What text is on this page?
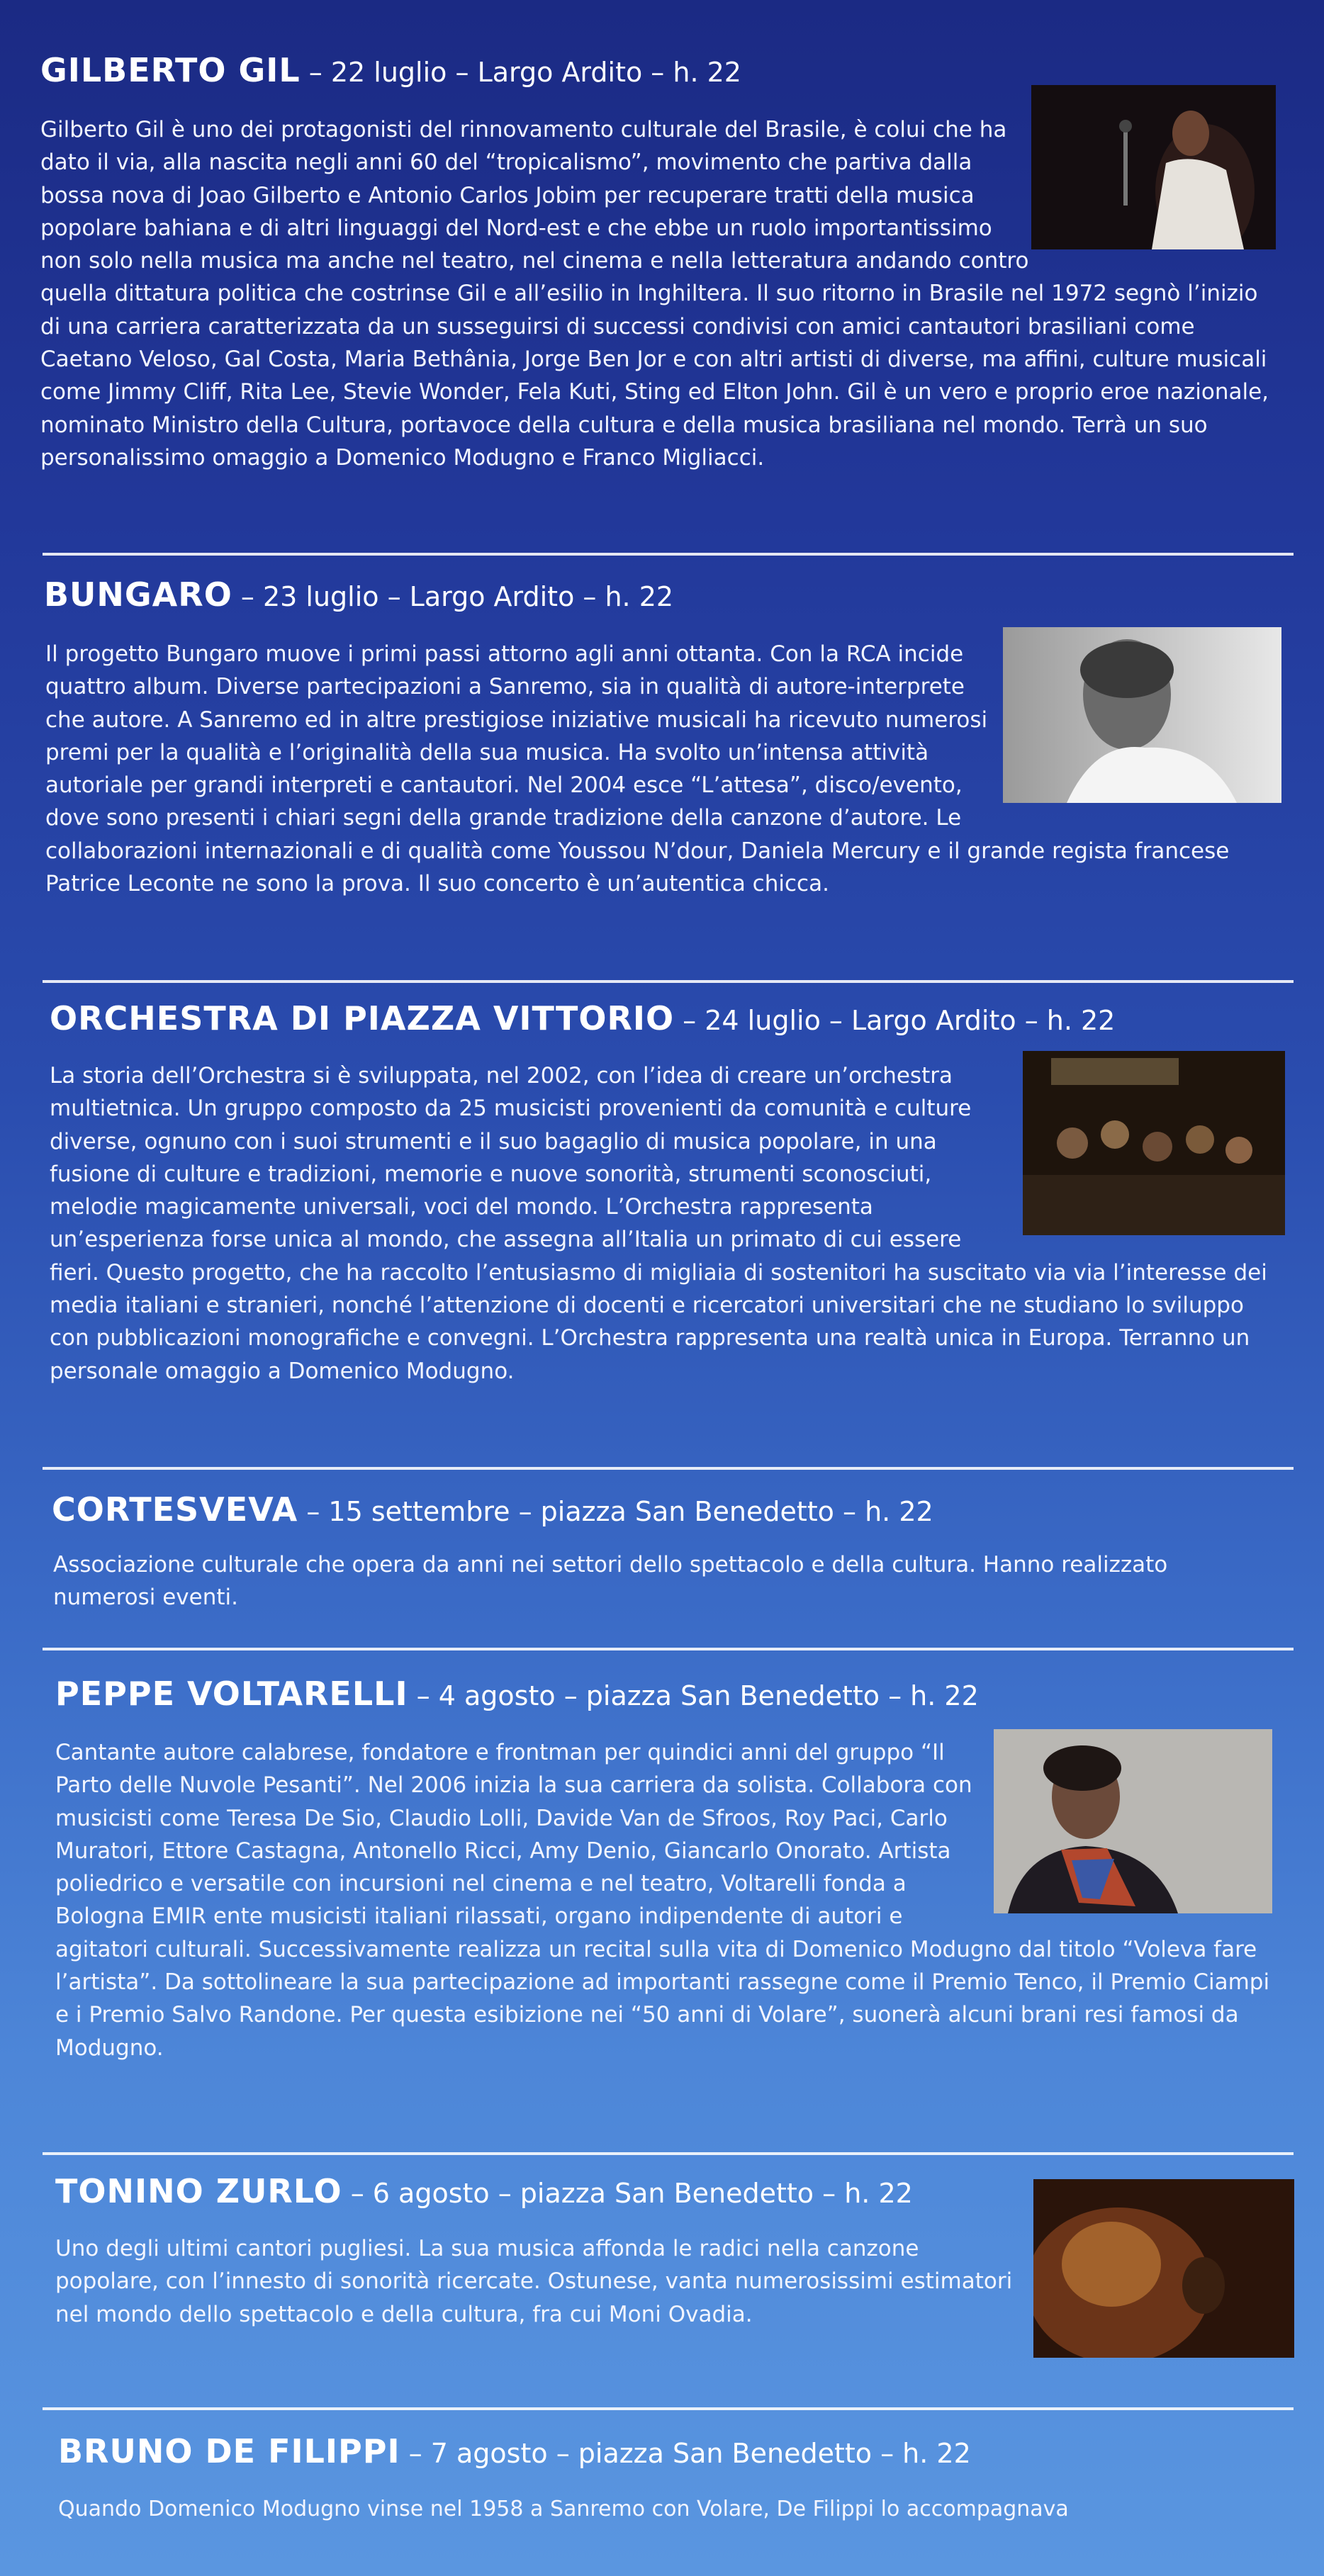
GILBERTO GIL – 22 luglio – Largo Ardito – h. 22

Gilberto Gil è uno dei protagonisti del rinnovamento culturale del Brasile, è colui che ha dato il via, alla nascita negli anni 60 del “tropicalismo”, movimento che partiva dalla bossa nova di Joao Gilberto e Antonio Carlos Jobim per recuperare tratti della musica popolare bahiana e di altri linguaggi del Nord-est e che ebbe un ruolo importantissimo non solo nella musica ma anche nel teatro, nel cinema e nella letteratura andando contro quella dittatura politica che costrinse Gil e all’esilio in Inghiltera. Il suo ritorno in Brasile nel 1972 segnò l’inizio di una carriera caratterizzata da un susseguirsi di successi condivisi con amici cantautori brasiliani come Caetano Veloso, Gal Costa, Maria Bethânia, Jorge Ben Jor e con altri artisti di diverse, ma affini, culture musicali come Jimmy Cliff, Rita Lee, Stevie Wonder, Fela Kuti, Sting ed Elton John. Gil è un vero e proprio eroe nazionale, nominato Ministro della Cultura, portavoce della cultura e della musica brasiliana nel mondo. Terrà un suo personalissimo omaggio a Domenico Modugno e Franco Migliacci.

BUNGARO – 23 luglio – Largo Ardito – h. 22
ORCHESTRA DI PIAZZA VITTORIO – 24 luglio – Largo Ardito – h. 22
CORTESVEVA – 15 settembre – piazza San Benedetto – h. 22

Associazione culturale che opera da anni nei settori dello spettacolo e della cultura. Hanno realizzato numerosi eventi.

PEPPE VOLTARELLI – 4 agosto – piazza San Benedetto – h. 22
TONINO ZURLO – 6 agosto – piazza San Benedetto – h. 22
BRUNO DE FILIPPI – 7 agosto – piazza San Benedetto – h. 22

Quando Domenico Modugno vinse nel 1958 a Sanremo con Volare, De Filippi lo accompagnava

Il progetto Bungaro muove i primi passi attorno agli anni ottanta. Con la RCA incide quattro album. Diverse partecipazioni a Sanremo, sia in qualità di autore-interprete che autore. A Sanremo ed in altre prestigiose iniziative musicali ha ricevuto numerosi premi per la qualità e l’originalità della sua musica. Ha svolto un’intensa attività autoriale per grandi interpreti e cantautori. Nel 2004 esce “L’attesa”, disco/evento, dove sono presenti i chiari segni della grande tradizione della canzone d’autore. Le collaborazioni internazionali e di qualità come Youssou N’dour, Daniela Mercury e il grande regista francese Patrice Leconte ne sono la prova. Il suo concerto è un’autentica chicca.
La storia dell’Orchestra si è sviluppata, nel 2002, con l’idea di creare un’orchestra multietnica. Un gruppo composto da 25 musicisti provenienti da comunità e culture diverse, ognuno con i suoi strumenti e il suo bagaglio di musica popolare, in una fusione di culture e tradizioni, memorie e nuove sonorità, strumenti sconosciuti, melodie magicamente universali, voci del mondo. L’Orchestra rappresenta un’esperienza forse unica al mondo, che assegna all’Italia un primato di cui essere fieri. Questo progetto, che ha raccolto l’entusiasmo di migliaia di sostenitori ha suscitato via via l’interesse dei media italiani e stranieri, nonché l’attenzione di docenti e ricercatori universitari che ne studiano lo sviluppo con pubblicazioni monografiche e convegni. L’Orchestra rappresenta una realtà unica in Europa. Terranno un personale omaggio a Domenico Modugno.
Cantante autore calabrese, fondatore e frontman per quindici anni del gruppo “Il Parto delle Nuvole Pesanti”. Nel 2006 inizia la sua carriera da solista. Collabora con musicisti come Teresa De Sio, Claudio Lolli, Davide Van de Sfroos, Roy Paci, Carlo Muratori, Ettore Castagna, Antonello Ricci, Amy Denio, Giancarlo Onorato. Artista poliedrico e versatile con incursioni nel cinema e nel teatro, Voltarelli fonda a Bologna EMIR ente musicisti italiani rilassati, organo indipendente di autori e agitatori culturali. Successivamente realizza un recital sulla vita di Domenico Modugno dal titolo “Voleva fare l’artista”. Da sottolineare la sua partecipazione ad importanti rassegne come il Premio Tenco, il Premio Ciampi e i Premio Salvo Randone. Per questa esibizione nei “50 anni di Volare”, suonerà alcuni brani resi famosi da Modugno.
Uno degli ultimi cantori pugliesi. La sua musica affonda le radici nella canzone popolare, con l’innesto di sonorità ricercate. Ostunese, vanta numerosissimi estimatori nel mondo dello spettacolo e della cultura, fra cui Moni Ovadia.
